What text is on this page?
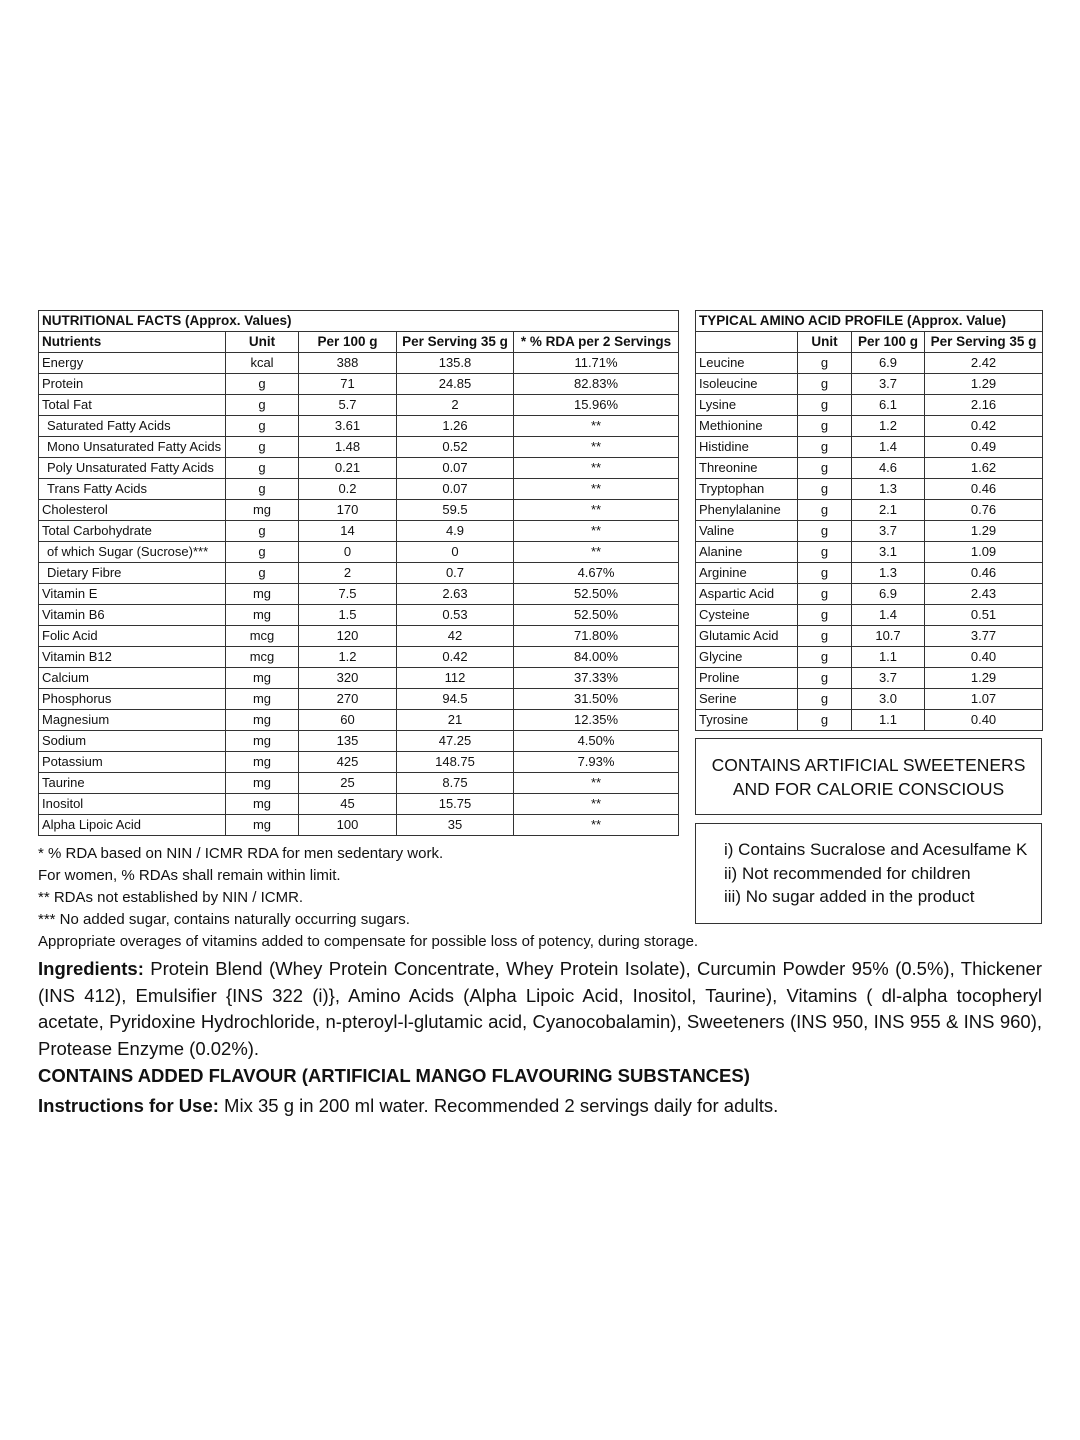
NUTRITIONAL FACTS (Approx. Values)				
Nutrients	Unit	Per 100 g	Per Serving 35 g	* % RDA per 2 Servings
Energy	kcal	388	135.8	11.71%
Protein	g	71	24.85	82.83%
Total Fat	g	5.7	2	15.96%
Saturated Fatty Acids	g	3.61	1.26	**
Mono Unsaturated Fatty Acids	g	1.48	0.52	**
Poly Unsaturated Fatty Acids	g	0.21	0.07	**
Trans Fatty Acids	g	0.2	0.07	**
Cholesterol	mg	170	59.5	**
Total Carbohydrate	g	14	4.9	**
of which Sugar (Sucrose)***	g	0	0	**
Dietary Fibre	g	2	0.7	4.67%
Vitamin E	mg	7.5	2.63	52.50%
Vitamin B6	mg	1.5	0.53	52.50%
Folic Acid	mcg	120	42	71.80%
Vitamin B12	mcg	1.2	0.42	84.00%
Calcium	mg	320	112	37.33%
Phosphorus	mg	270	94.5	31.50%
Magnesium	mg	60	21	12.35%
Sodium	mg	135	47.25	4.50%
Potassium	mg	425	148.75	7.93%
Taurine	mg	25	8.75	**
Inositol	mg	45	15.75	**
Alpha Lipoic Acid	mg	100	35	**
TYPICAL AMINO ACID PROFILE (Approx. Value)			
	Unit	Per 100 g	Per Serving 35 g
Leucine	g	6.9	2.42
Isoleucine	g	3.7	1.29
Lysine	g	6.1	2.16
Methionine	g	1.2	0.42
Histidine	g	1.4	0.49
Threonine	g	4.6	1.62
Tryptophan	g	1.3	0.46
Phenylalanine	g	2.1	0.76
Valine	g	3.7	1.29
Alanine	g	3.1	1.09
Arginine	g	1.3	0.46
Aspartic Acid	g	6.9	2.43
Cysteine	g	1.4	0.51
Glutamic Acid	g	10.7	3.77
Glycine	g	1.1	0.40
Proline	g	3.7	1.29
Serine	g	3.0	1.07
Tyrosine	g	1.1	0.40
CONTAINS ARTIFICIAL SWEETENERS AND FOR CALORIE CONSCIOUS
i) Contains Sucralose and Acesulfame K
ii) Not recommended for children
iii) No sugar added in the product
* % RDA based on NIN / ICMR RDA for men sedentary work.
For women, % RDAs shall remain within limit.
** RDAs not established by NIN / ICMR.
*** No added sugar, contains naturally occurring sugars.
Appropriate overages of vitamins added to compensate for possible loss of potency, during storage.
Ingredients: Protein Blend (Whey Protein Concentrate, Whey Protein Isolate), Curcumin Powder 95% (0.5%), Thickener (INS 412), Emulsifier {INS 322 (i)}, Amino Acids (Alpha Lipoic Acid, Inositol, Taurine), Vitamins ( dl-alpha tocopheryl acetate, Pyridoxine Hydrochloride, n-pteroyl-l-glutamic acid, Cyanocobalamin), Sweeteners (INS 950, INS 955 & INS 960), Protease Enzyme (0.02%).
CONTAINS ADDED FLAVOUR (ARTIFICIAL MANGO FLAVOURING SUBSTANCES)
Instructions for Use: Mix 35 g in 200 ml water. Recommended 2 servings daily for adults.
